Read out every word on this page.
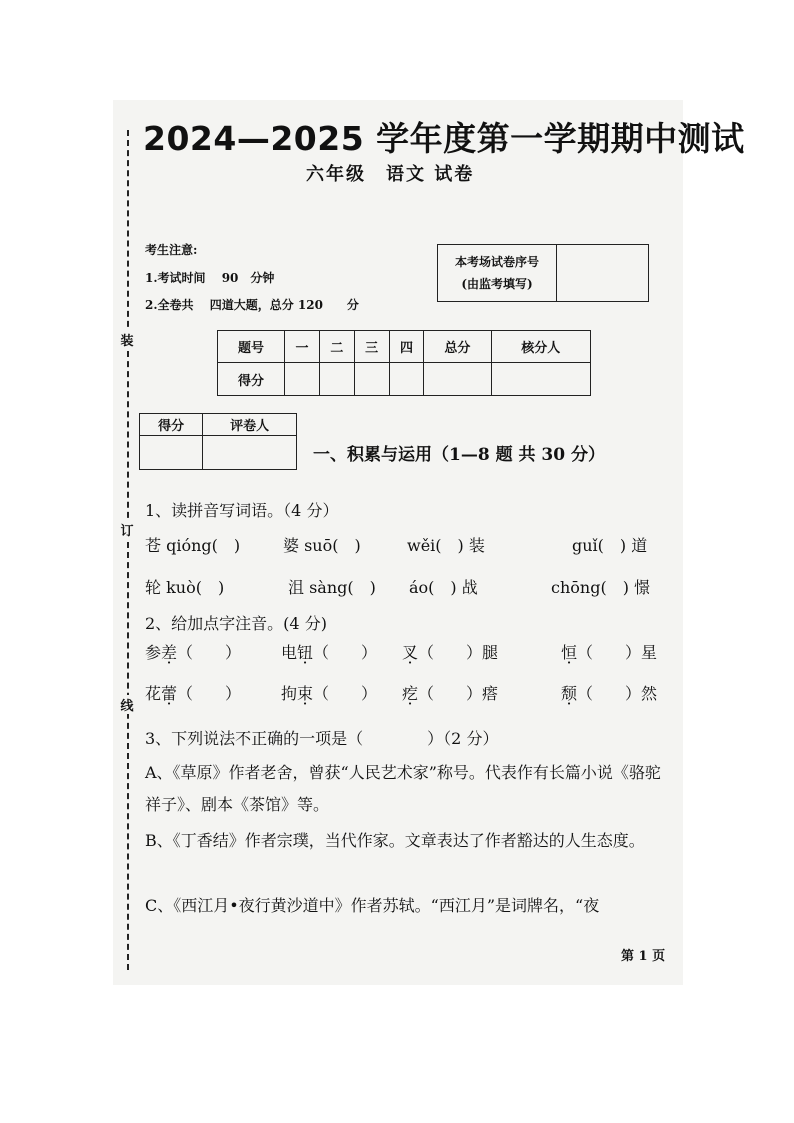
装
订
线
2024—2025 学年度第一学期期中测试
六年级　语文 试卷
考生注意:
1.考试时间　 90　分钟
2.全卷共　 四道大题，总分 120　　分
本考场试卷序号
(由监考填写)

题号	一	二	三	四	总分	核分人
得分						
得分	评卷人

一、积累与运用（1—8 题 共 30 分）
1、读拼音写词语。（4 分）
苍 qióng(　)	婆 suō(　)	wěi(　) 装	guǐ(　) 道
轮 kuò(　)	沮 sàng(　) áo(　) 战	chōng(　) 憬
2、给加点字注音。(4 分)
参差（　　） 电钮（　　） 叉（　　）腿	恒（　　）星
花蕾（　　） 拘束（　　） 疙（　　）瘩	颓（　　）然
3、下列说法不正确的一项是（　　　　）（2 分）
A、《草原》作者老舍，曾获“人民艺术家”称号。代表作有长篇小说《骆驼祥子》、剧本《茶馆》等。
B、《丁香结》作者宗璞，当代作家。文章表达了作者豁达的人生态度。
C、《西江月•夜行黄沙道中》作者苏轼。“西江月”是词牌名，“夜
第 1 页
